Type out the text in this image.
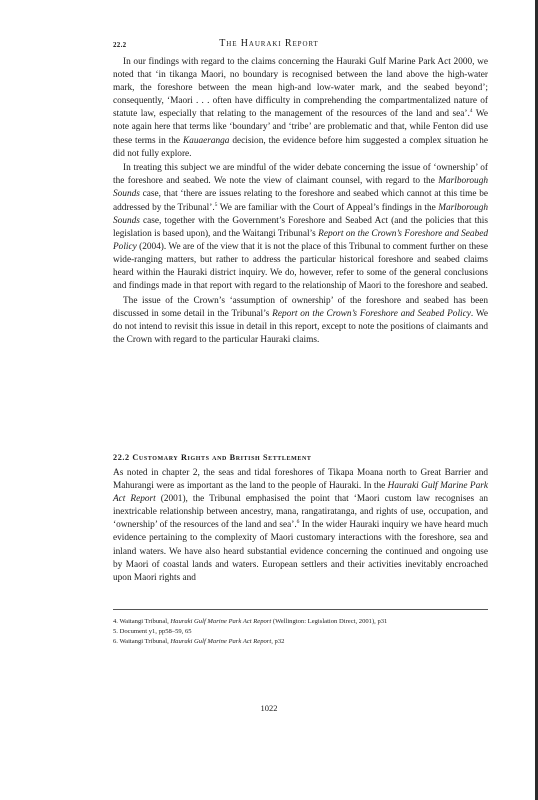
22.2	The Hauraki Report

In our findings with regard to the claims concerning the Hauraki Gulf Marine Park Act 2000, we noted that ‘in tikanga Maori, no boundary is recognised between the land above the high-water mark, the foreshore between the mean high-and low-water mark, and the seabed beyond’; consequently, ‘Maori . . . often have difficulty in comprehending the compartmentalized nature of statute law, especially that relating to the management of the resources of the land and sea’.$^4$ We note again here that terms like ‘boundary’ and ‘tribe’ are problematic and that, while Fenton did use these terms in the Kauaeranga decision, the evidence before him suggested a complex situation he did not fully explore.

In treating this subject we are mindful of the wider debate concerning the issue of ‘ownership’ of the foreshore and seabed. We note the view of claimant counsel, with regard to the Marlborough Sounds case, that ‘there are issues relating to the foreshore and seabed which cannot at this time be addressed by the Tribunal’.$^5$ We are familiar with the Court of Appeal’s findings in the Marlborough Sounds case, together with the Government’s Foreshore and Seabed Act (and the policies that this legislation is based upon), and the Waitangi Tribunal’s Report on the Crown’s Foreshore and Seabed Policy (2004). We are of the view that it is not the place of this Tribunal to comment further on these wide-ranging matters, but rather to address the particular historical foreshore and seabed claims heard within the Hauraki district inquiry. We do, however, refer to some of the general conclusions and findings made in that report with regard to the relationship of Maori to the foreshore and seabed.

The issue of the Crown’s ‘assumption of ownership’ of the foreshore and seabed has been discussed in some detail in the Tribunal’s Report on the Crown’s Foreshore and Seabed Policy. We do not intend to revisit this issue in detail in this report, except to note the positions of claimants and the Crown with regard to the particular Hauraki claims.

22.2 Customary Rights and British Settlement

As noted in chapter 2, the seas and tidal foreshores of Tikapa Moana north to Great Barrier and Mahurangi were as important as the land to the people of Hauraki. In the Hauraki Gulf Marine Park Act Report (2001), the Tribunal emphasised the point that ‘Maori custom law recognises an inextricable relationship between ancestry, mana, rangatiratanga, and rights of use, occupation, and ‘ownership’ of the resources of the land and sea’.$^6$ In the wider Hauraki inquiry we have heard much evidence pertaining to the complexity of Maori customary interactions with the foreshore, sea and inland waters. We have also heard substantial evidence concerning the continued and ongoing use by Maori of coastal lands and waters. European settlers and their activities inevitably encroached upon Maori rights and

4. Waitangi Tribunal, Hauraki Gulf Marine Park Act Report (Wellington: Legislation Direct, 2001), p31
5. Document y1, pp58–59, 65
6. Waitangi Tribunal, Hauraki Gulf Marine Park Act Report, p32
1022
